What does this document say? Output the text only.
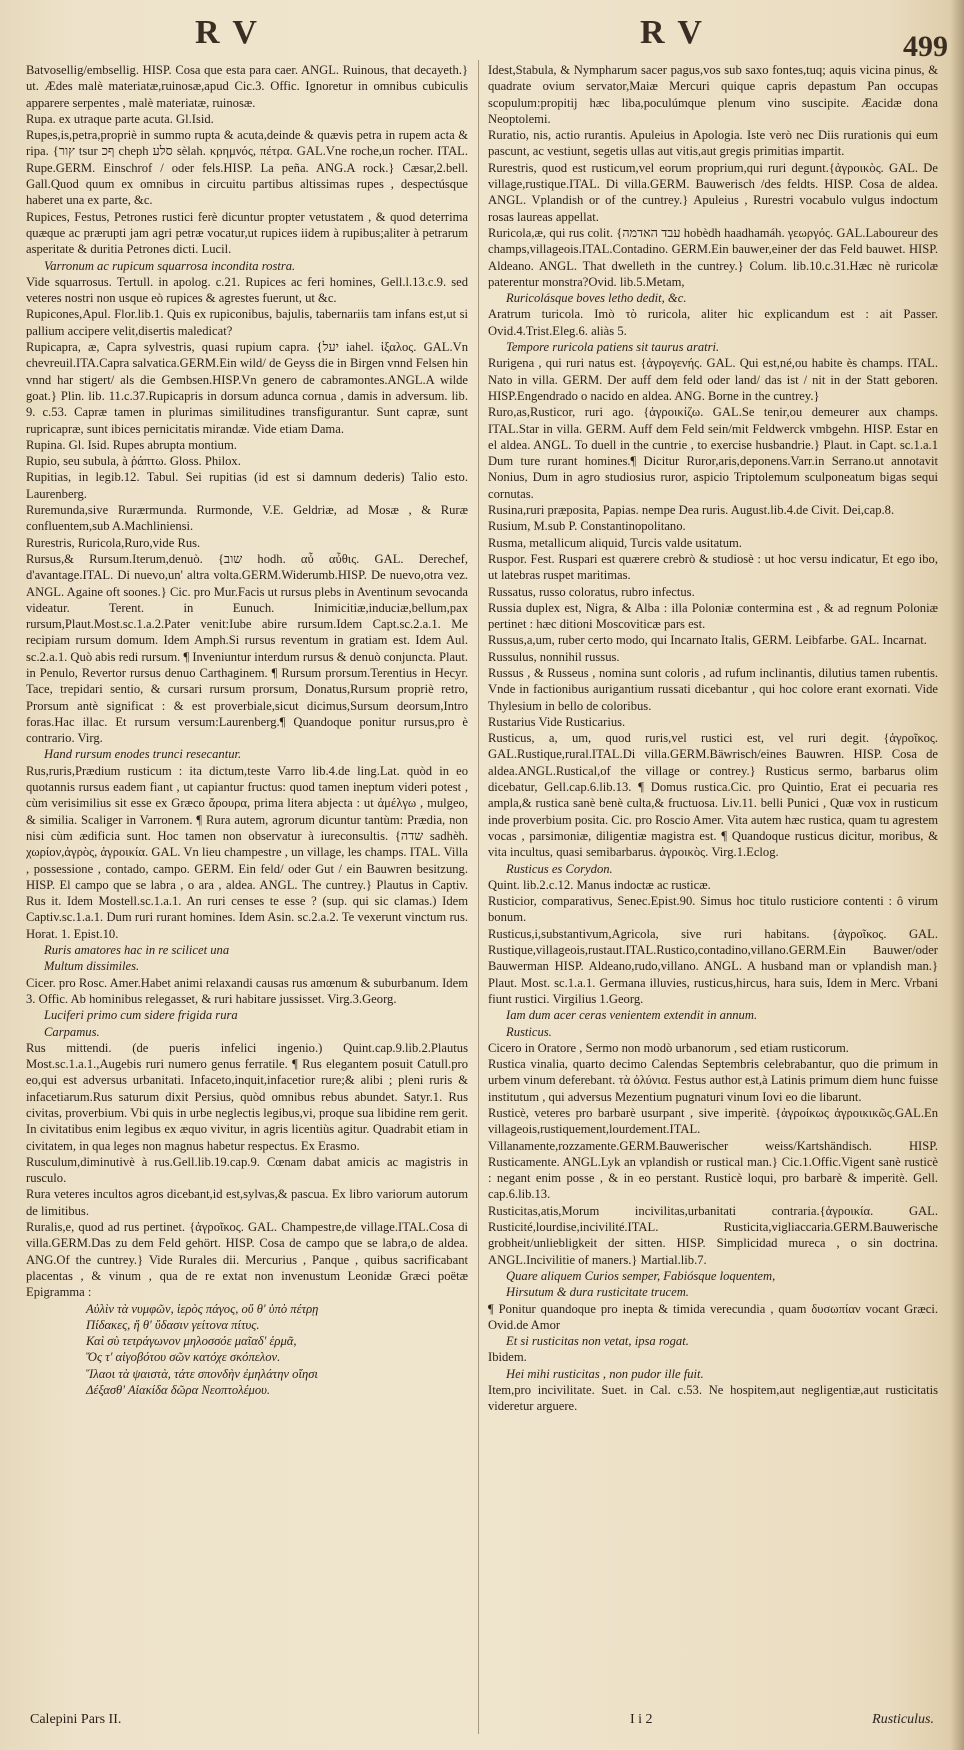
RV	RV	499

Batvosellig/embsellig. HISP. Cosa que esta para caer. ANGL. Ruinous, that decayeth.} ut. Ædes malè materiatæ,ruinosæ,apud Cic.3. Offic. Ignoretur in omnibus cubiculis apparere serpentes , malè materiatæ, ruinosæ.

Rupa. ex utraque parte acuta. Gl.Isid.

Rupes,is,petra,propriè in summo rupta & acuta,deinde & quævis petra in rupem acta & ripa. {ץור tsur ףכ cheph סלע sèlah. κρημνός, πέτρα. GAL.Vne roche,un rocher. ITAL. Rupe.GERM. Einschrof / oder fels.HISP. La peña. ANG.A rock.} Cæsar,2.bell. Gall.Quod quum ex omnibus in circuitu partibus altissimas rupes , despectúsque haberet una ex parte, &c.

Rupices, Festus, Petrones rustici ferè dicuntur propter vetustatem , & quod deterrima quæque ac prærupti jam agri petræ vocatur,ut rupices iidem à rupibus;aliter à petrarum asperitate & duritia Petrones dicti. Lucil.

Varronum ac rupicum squarrosa incondita rostra.

Vide squarrosus. Tertull. in apolog. c.21. Rupices ac feri homines, Gell.l.13.c.9. sed veteres nostri non usque eò rupices & agrestes fuerunt, ut &c.

Rupicones,Apul. Flor.lib.1. Quis ex rupiconibus, bajulis, tabernariis tam infans est,ut si pallium accipere velit,disertis maledicat?

Rupicapra, æ, Capra sylvestris, quasi rupium capra. {יעל iahel. ἰξαλος. GAL.Vn chevreuil.ITA.Capra salvatica.GERM.Ein wild/ de Geyss die in Birgen vnnd Felsen hin vnnd har stigert/ als die Gembsen.HISP.Vn genero de cabramontes.ANGL.A wilde goat.} Plin. lib. 11.c.37.Rupicapris in dorsum adunca cornua , damis in adversum. lib. 9. c.53. Capræ tamen in plurimas similitudines transfigurantur. Sunt capræ, sunt rupricapræ, sunt ibices pernicitatis mirandæ. Vide etiam Dama.

Rupina. Gl. Isid. Rupes abrupta montium.

Rupio, seu subula, à ῥάπτω. Gloss. Philox.

Rupitias, in legib.12. Tabul. Sei rupitias (id est si damnum dederis) Talio esto. Laurenberg.

Ruremunda,sive Rurærmunda. Rurmonde, V.E. Geldriæ, ad Mosæ , & Ruræ confluentem,sub A.Machliniensi.

Rurestris, Ruricola,Ruro,vide Rus.

Rursus,& Rursum.Iterum,denuò. {שוב hodh. αὖ αὖθις. GAL. Derechef, d'avantage.ITAL. Di nuevo,un' altra volta.GERM.Widerumb.HISP. De nuevo,otra vez. ANGL. Againe oft soones.} Cic. pro Mur.Facis ut rursus plebs in Aventinum sevocanda videatur. Terent. in Eunuch. Inimicitiæ,induciæ,bellum,pax rursum,Plaut.Most.sc.1.a.2.Pater venit:Iube abire rursum.Idem Capt.sc.2.a.1. Me recipiam rursum domum. Idem Amph.Si rursus reventum in gratiam est. Idem Aul. sc.2.a.1. Quò abis redi rursum. ¶ Inveniuntur interdum rursus & denuò conjuncta. Plaut. in Penulo, Revertor rursus denuo Carthaginem. ¶ Rursum prorsum.Terentius in Hecyr. Tace, trepidari sentio, & cursari rursum prorsum, Donatus,Rursum propriè retro, Prorsum antè significat : & est proverbiale,sicut dicimus,Sursum deorsum,Intro foras.Hac illac. Et rursum versum:Laurenberg.¶ Quandoque ponitur rursus,pro è contrario. Virg.

Hand rursum enodes trunci resecantur.

Rus,ruris,Prædium rusticum : ita dictum,teste Varro lib.4.de ling.Lat. quòd in eo quotannis rursus eadem fiant , ut capiantur fructus: quod tamen ineptum videri potest , cùm verisimilius sit esse ex Græco ἄρουρα, prima litera abjecta : ut ἀμέλγω , mulgeo, & similia. Scaliger in Varronem. ¶ Rura autem, agrorum dicuntur tantùm: Prædia, non nisi cùm ædificia sunt. Hoc tamen non observatur à iureconsultis. {שדה sadhèh. χωρίον,ἀγρὸς, ἀγροικία. GAL. Vn lieu champestre , un village, les champs. ITAL. Villa , possessione , contado, campo. GERM. Ein feld/ oder Gut / ein Bauwren besitzung. HISP. El campo que se labra , o ara , aldea. ANGL. The cuntrey.} Plautus in Captiv. Rus it. Idem Mostell.sc.1.a.1. An ruri censes te esse ? (sup. qui sic clamas.) Idem Captiv.sc.1.a.1. Dum ruri rurant homines. Idem Asin. sc.2.a.2. Te vexerunt vinctum rus. Horat. 1. Epist.10.

Ruris amatores hac in re scilicet una

Multum dissimiles.

Cicer. pro Rosc. Amer.Habet animi relaxandi causas rus amœnum & suburbanum. Idem 3. Offic. Ab hominibus relegasset, & ruri habitare jussisset. Virg.3.Georg.

Luciferi primo cum sidere frigida rura

Carpamus.

Rus mittendi. (de pueris infelici ingenio.) Quint.cap.9.lib.2.Plautus Most.sc.1.a.1.,Augebis ruri numero genus ferratile. ¶ Rus elegantem posuit Catull.pro eo,qui est adversus urbanitati. Infaceto,inquit,infacetior rure;& alibi ; pleni ruris & infacetiarum.Rus saturum dixit Persius, quòd omnibus rebus abundet. Satyr.1. Rus civitas, proverbium. Vbi quis in urbe neglectis legibus,vi, proque sua libidine rem gerit. In civitatibus enim legibus ex æquo vivitur, in agris licentiùs agitur. Quadrabit etiam in civitatem, in qua leges non magnus habetur respectus. Ex Erasmo.

Rusculum,diminutivè à rus.Gell.lib.19.cap.9. Cœnam dabat amicis ac magistris in rusculo.

Rura veteres incultos agros dicebant,id est,sylvas,& pascua. Ex libro variorum autorum de limitibus.

Ruralis,e, quod ad rus pertinet. {ἀγροῖκος. GAL. Champestre,de village.ITAL.Cosa di villa.GERM.Das zu dem Feld gehört. HISP. Cosa de campo que se labra,o de aldea. ANG.Of the cuntrey.} Vide Rurales dii. Mercurius , Panque , quibus sacrificabant placentas , & vinum , qua de re extat non invenustum Leonidæ Græci poëtæ Epigramma :

Αὐλὶν τὰ νυμφῶν, ἱερὸς πάγος, οὔ θ' ὑπὸ πέτρῃ

Πίδακες, ἥ θ' ὕδασιν γείτονα πίτυς.

Καὶ σὺ τετράγωνον μηλοσσόε μαῖαδ' ἑρμᾶ,

Ὅς τ' αἰγοβότου σῶν κατόχε σκόπελον.

Ἵλαοι τὰ ψαιστὰ, τάτε σπονδὴν ἐμηλάτην οἴησι

Δέξασθ' Αἰακίδα δῶρα Νεοπτολέμου.

Idest,Stabula, & Nympharum sacer pagus,vos sub saxo fontes,tuq; aquis vicina pinus, & quadrate ovium servator,Maiæ Mercuri quique capris depastum Pan occupas scopulum:propitij hæc liba,poculúmque plenum vino suscipite. Æacidæ dona Neoptolemi.

Ruratio, nis, actio rurantis. Apuleius in Apologia. Iste verò nec Diis rurationis qui eum pascunt, ac vestiunt, segetis ullas aut vitis,aut gregis primitias impartit.

Rurestris, quod est rusticum,vel eorum proprium,qui ruri degunt.{ἀγροικὸς. GAL. De village,rustique.ITAL. Di villa.GERM. Bauwerisch /des feldts. HISP. Cosa de aldea. ANGL. Vplandish or of the cuntrey.} Apuleius , Rurestri vocabulo vulgus indoctum rosas laureas appellat.

Ruricola,æ, qui rus colit. {עבד האדמה hobèdh haadhamáh. γεωργός. GAL.Laboureur des champs,villageois.ITAL.Contadino. GERM.Ein bauwer,einer der das Feld bauwet. HISP. Aldeano. ANGL. That dwelleth in the cuntrey.} Colum. lib.10.c.31.Hæc nè ruricolæ paterentur monstra?Ovid. lib.5.Metam,

Ruricolásque boves letho dedit, &c.

Aratrum turicola. Imò τὸ ruricola, aliter hic explicandum est : ait Passer. Ovid.4.Trist.Eleg.6. aliàs 5.

Tempore ruricola patiens sit taurus aratri.

Rurigena , qui ruri natus est. {ἀγρογενής. GAL. Qui est,né,ou habite ès champs. ITAL. Nato in villa. GERM. Der auff dem feld oder land/ das ist / nit in der Statt geboren. HISP.Engendrado o nacido en aldea. ANG. Borne in the cuntrey.}

Ruro,as,Rusticor, ruri ago. {ἀγροικίζω. GAL.Se tenir,ou demeurer aux champs. ITAL.Star in villa. GERM. Auff dem Feld sein/mit Feldwerck vmbgehn. HISP. Estar en el aldea. ANGL. To duell in the cuntrie , to exercise husbandrie.} Plaut. in Capt. sc.1.a.1 Dum ture rurant homines.¶ Dicitur Ruror,aris,deponens.Varr.in Serrano.ut annotavit Nonius, Dum in agro studiosius ruror, aspicio Triptolemum sculponeatum bigas sequi cornutas.

Rusina,ruri præposita, Papias. nempe Dea ruris. August.lib.4.de Civit. Dei,cap.8.

Rusium, M.sub P. Constantinopolitano.

Rusma, metallicum aliquid, Turcis valde usitatum.

Ruspor. Fest. Ruspari est quærere crebrò & studiosè : ut hoc versu indicatur, Et ego ibo, ut latebras ruspet maritimas.

Russatus, russo coloratus, rubro infectus.

Russia duplex est, Nigra, & Alba : illa Poloniæ contermina est , & ad regnum Poloniæ pertinet : hæc ditioni Moscoviticæ pars est.

Russus,a,um, ruber certo modo, qui Incarnato Italis, GERM. Leibfarbe. GAL. Incarnat.

Russulus, nonnihil russus.

Russus , & Russeus , nomina sunt coloris , ad rufum inclinantis, dilutius tamen rubentis. Vnde in factionibus aurigantium russati dicebantur , qui hoc colore erant exornati. Vide Thylesium in bello de coloribus.

Rustarius Vide Rusticarius.

Rusticus, a, um, quod ruris,vel rustici est, vel ruri degit. {ἀγροῖκος. GAL.Rustique,rural.ITAL.Di villa.GERM.Bäwrisch/eines Bauwren. HISP. Cosa de aldea.ANGL.Rustical,of the village or contrey.} Rusticus sermo, barbarus olim dicebatur, Gell.cap.6.lib.13. ¶ Domus rustica.Cic. pro Quintio, Erat ei pecuaria res ampla,& rustica sanè benè culta,& fructuosa. Liv.11. belli Punici , Quæ vox in rusticum inde proverbium posita. Cic. pro Roscio Amer. Vita autem hæc rustica, quam tu agrestem vocas , parsimoniæ, diligentiæ magistra est. ¶ Quandoque rusticus dicitur, moribus, & vita incultus, quasi semibarbarus. ἀγροικὸς. Virg.1.Eclog.

Rusticus es Corydon.

Quint. lib.2.c.12. Manus indoctæ ac rusticæ.

Rusticior, comparativus, Senec.Epist.90. Simus hoc titulo rusticiore contenti : ô virum bonum.

Rusticus,i,substantivum,Agricola, sive ruri habitans. {ἀγροῖκος. GAL. Rustique,villageois,rustaut.ITAL.Rustico,contadino,villano.GERM.Ein Bauwer/oder Bauwerman HISP. Aldeano,rudo,villano. ANGL. A husband man or vplandish man.} Plaut. Most. sc.1.a.1. Germana illuvies, rusticus,hircus, hara suis, Idem in Merc. Vrbani fiunt rustici. Virgilius 1.Georg.

Iam dum acer ceras venientem extendit in annum.

Rusticus.

Cicero in Oratore , Sermo non modò urbanorum , sed etiam rusticorum.

Rustica vinalia, quarto decimo Calendas Septembris celebrabantur, quo die primum in urbem vinum deferebant. τὰ ὀλύνια. Festus author est,à Latinis primum diem hunc fuisse institutum , qui adversus Mezentium pugnaturi vinum Iovi eo die libarunt.

Rusticè, veteres pro barbarè usurpant , sive imperitè. {ἀγροίκως ἀγροικικῶς.GAL.En villageois,rustiquement,lourdement.ITAL. Villanamente,rozzamente.GERM.Bauwerischer weiss/Kartshändisch. HISP. Rusticamente. ANGL.Lyk an vplandish or rustical man.} Cic.1.Offic.Vigent sanè rusticè : negant enim posse , & in eo perstant. Rusticè loqui, pro barbarè & imperitè. Gell. cap.6.lib.13.

Rusticitas,atis,Morum incivilitas,urbanitati contraria.{ἀγροικία. GAL. Rusticité,lourdise,incivilité.ITAL. Rusticita,vigliaccaria.GERM.Bauwerische grobheit/unliebligkeit der sitten. HISP. Simplicidad mureca , o sin doctrina. ANGL.Incivilitie of maners.} Martial.lib.7.

Quare aliquem Curios semper, Fabiósque loquentem,

Hirsutum & dura rusticitate trucem.

¶ Ponitur quandoque pro inepta & timida verecundia , quam δυσωπίαν vocant Græci. Ovid.de Amor

Et si rusticitas non vetat, ipsa rogat.

Ibidem.

Hei mihi rusticitas , non pudor ille fuit.

Item,pro incivilitate. Suet. in Cal. c.53. Ne hospitem,aut negligentiæ,aut rusticitatis videretur arguere.

Calepini Pars II.	I i 2	Rusticulus.
